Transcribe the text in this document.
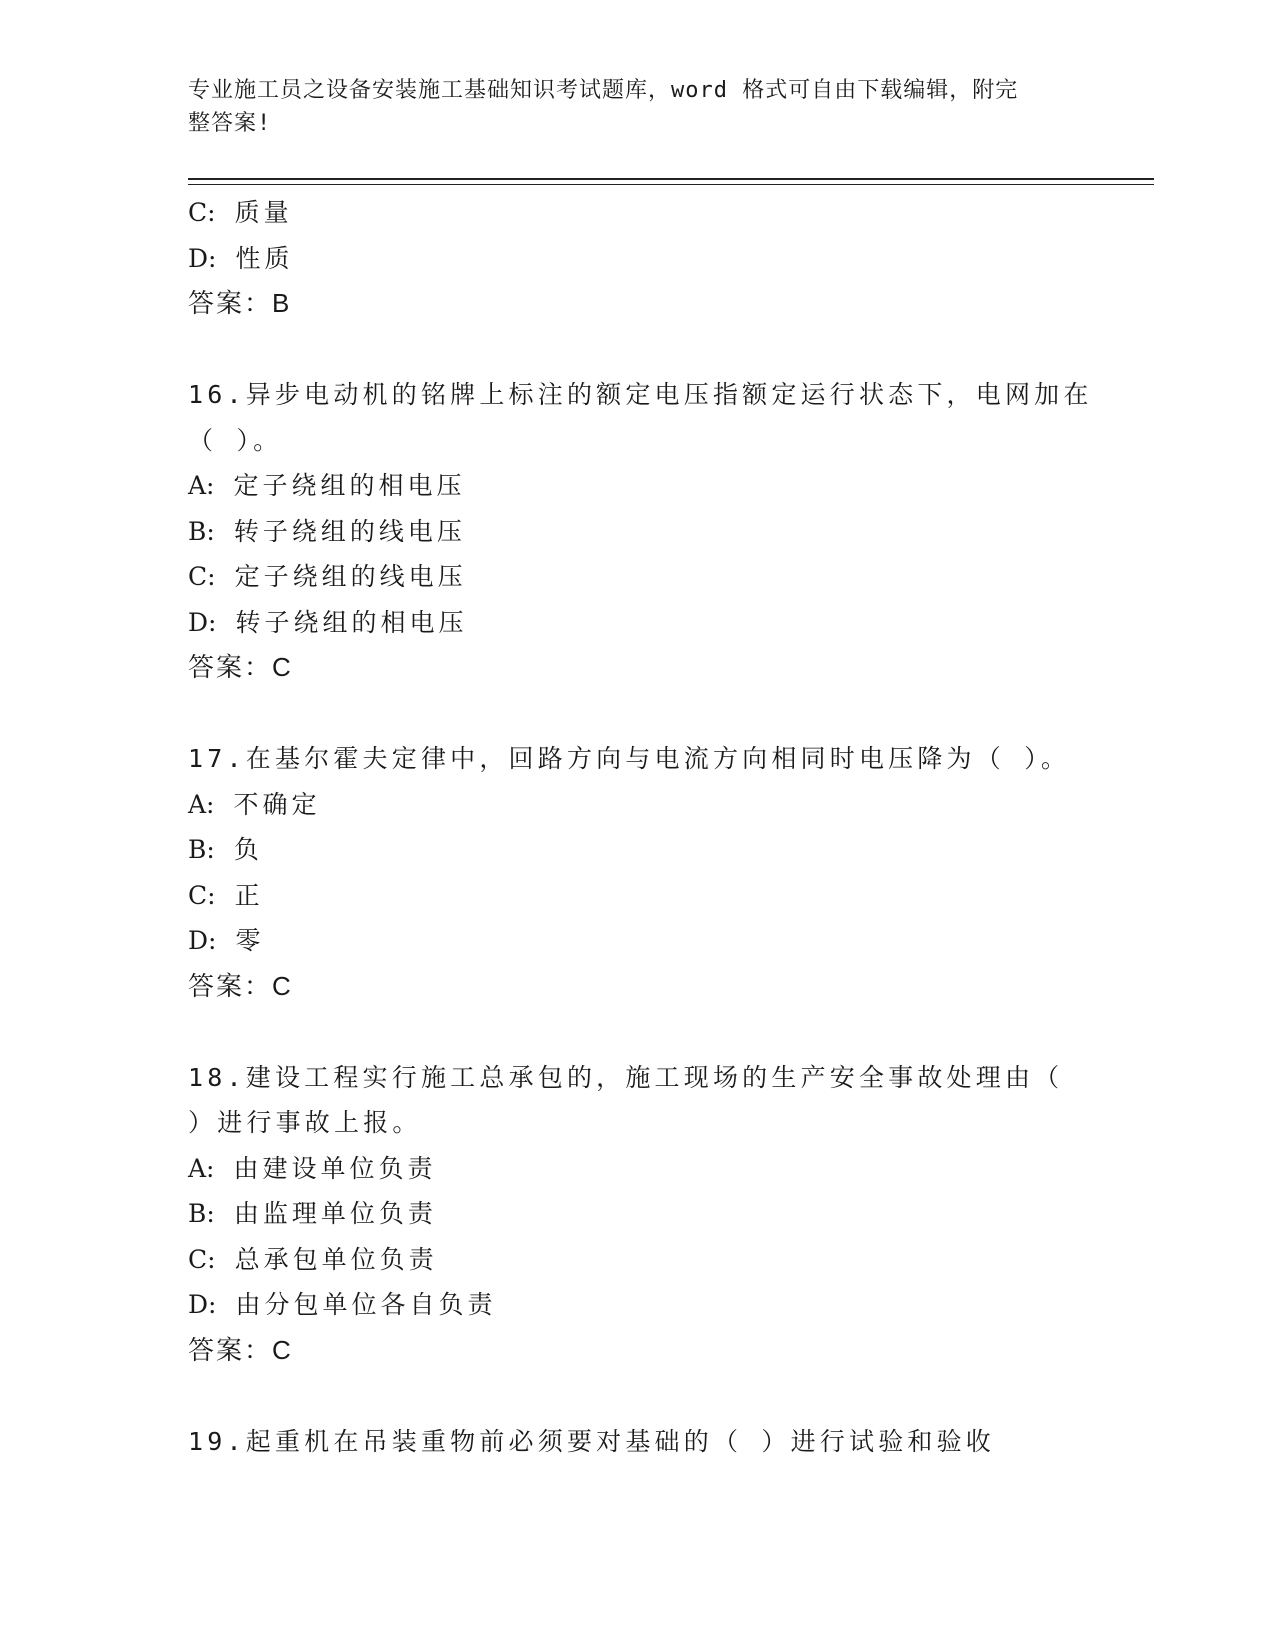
专业施工员之设备安装施工基础知识考试题库，word 格式可自由下载编辑，附完
整答案!
C: 质量
D: 性质
答案：B
16.异步电动机的铭牌上标注的额定电压指额定运行状态下，电网加在
（ ）。
A: 定子绕组的相电压
B: 转子绕组的线电压
C: 定子绕组的线电压
D: 转子绕组的相电压
答案：C
17.在基尔霍夫定律中，回路方向与电流方向相同时电压降为（ ）。
A: 不确定
B: 负
C: 正
D: 零
答案：C
18.建设工程实行施工总承包的，施工现场的生产安全事故处理由（
）进行事故上报。
A: 由建设单位负责
B: 由监理单位负责
C: 总承包单位负责
D: 由分包单位各自负责
答案：C
19.起重机在吊装重物前必须要对基础的（ ）进行试验和验收
